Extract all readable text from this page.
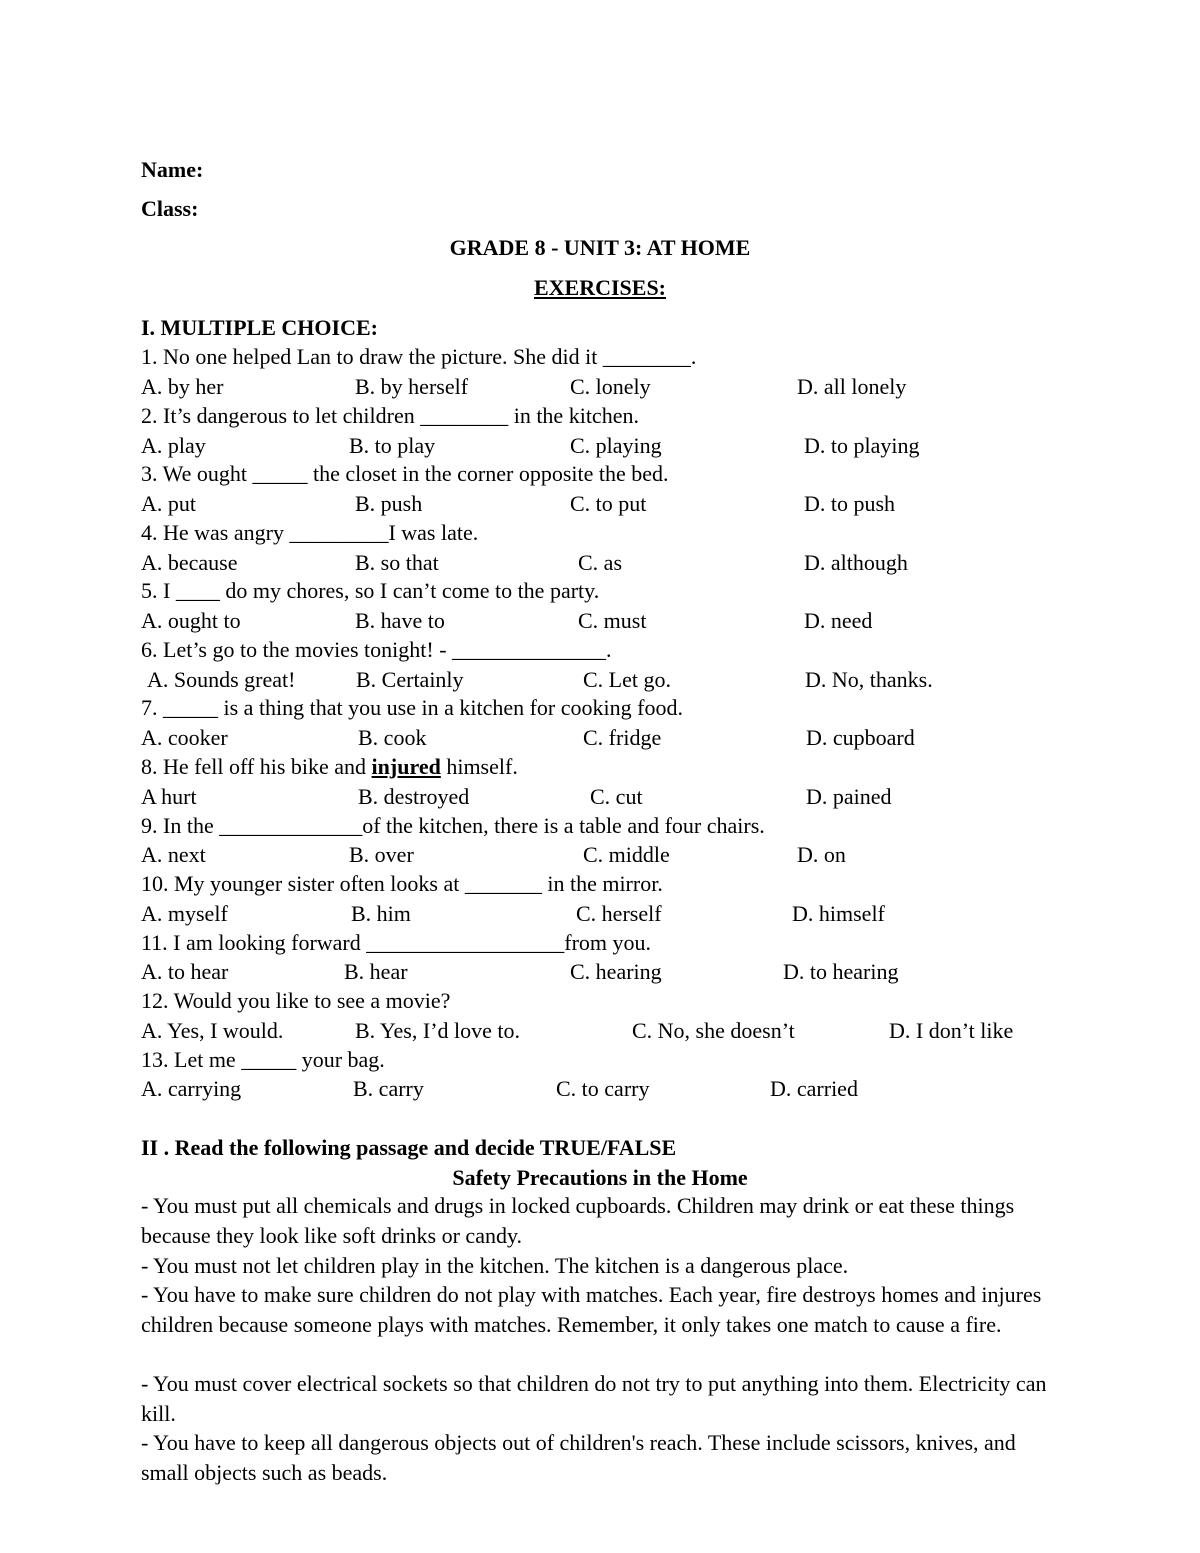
Name:
Class:
GRADE 8 - UNIT 3: AT HOME
EXERCISES:
I. MULTIPLE CHOICE:
1. No one helped Lan to draw the picture. She did it ________.
A. by her	B. by herself	C. lonely	D. all lonely
2. It’s dangerous to let children ________ in the kitchen.
A. play	B. to play	C. playing	D. to playing
3. We ought _____ the closet in the corner opposite the bed.
A. put	B. push	C. to put	D. to push
4. He was angry _________I was late.
A. because	B. so that	C. as	D. although
5. I ____ do my chores, so I can’t come to the party.
A. ought to	B. have to	C. must	D. need
6. Let’s go to the movies tonight! - ______________.
A. Sounds great!	B. Certainly	C. Let go.	D. No, thanks.
7. _____ is a thing that you use in a kitchen for cooking food.
A. cooker	B. cook	C. fridge	D. cupboard
8. He fell off his bike and injured himself.
A hurt	B. destroyed	C. cut	D. pained
9. In the _____________of the kitchen, there is a table and four chairs.
A. next	B. over	C. middle	D. on
10. My younger sister often looks at _______ in the mirror.
A. myself	B. him	C. herself	D. himself
11. I am looking forward __________________from you.
A. to hear	B. hear	C. hearing	D. to hearing
12. Would you like to see a movie?
A. Yes, I would.	B. Yes, I’d love to.	C. No, she doesn’t	D. I don’t like
13. Let me _____ your bag.
A. carrying	B. carry	C. to carry	D. carried
II . Read the following passage and decide TRUE/FALSE
Safety Precautions in the Home
- You must put all chemicals and drugs in locked cupboards. Children may drink or eat these things because they look like soft drinks or candy.
- You must not let children play in the kitchen. The kitchen is a dangerous place.
- You have to make sure children do not play with matches. Each year, fire destroys homes and injures children because someone plays with matches. Remember, it only takes one match to cause a fire.
- You must cover electrical sockets so that children do not try to put anything into them. Electricity can kill.
- You have to keep all dangerous objects out of children's reach. These include scissors, knives, and small objects such as beads.
